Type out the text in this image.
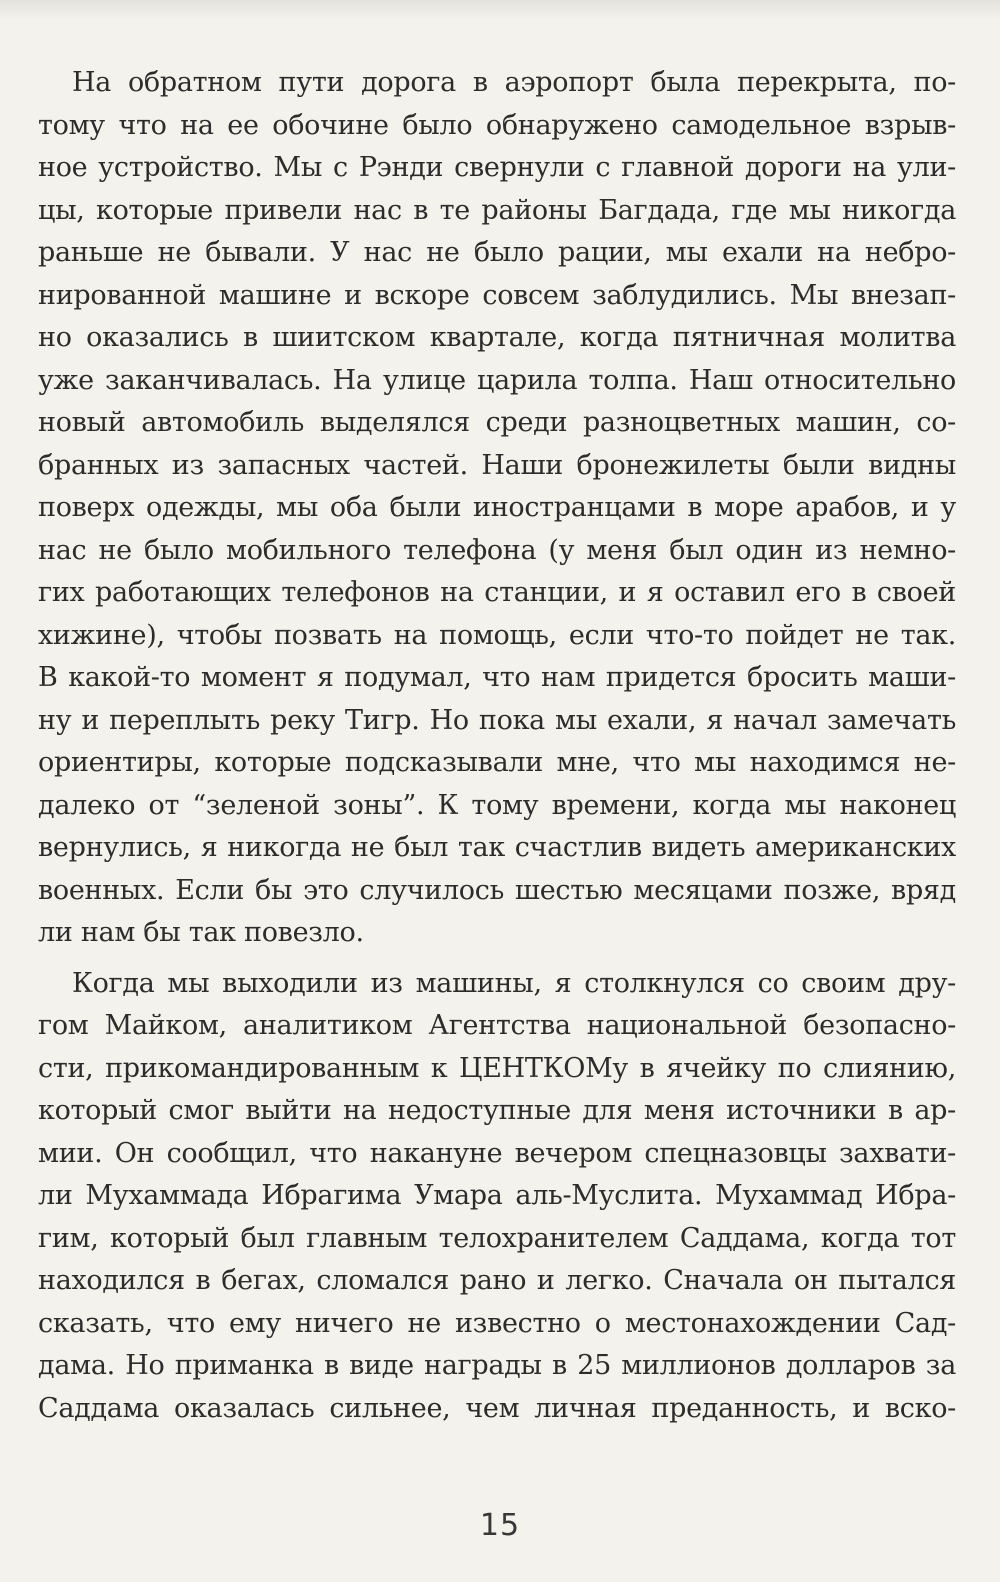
На обратном пути дорога в аэропорт была перекрыта, по-
тому что на ее обочине было обнаружено самодельное взрыв-
ное устройство. Мы с Рэнди свернули с главной дороги на ули-
цы, которые привели нас в те районы Багдада, где мы никогда
раньше не бывали. У нас не было рации, мы ехали на небро-
нированной машине и вскоре совсем заблудились. Мы внезап-
но оказались в шиитском квартале, когда пятничная молитва
уже заканчивалась. На улице царила толпа. Наш относительно
новый автомобиль выделялся среди разноцветных машин, со-
бранных из запасных частей. Наши бронежилеты были видны
поверх одежды, мы оба были иностранцами в море арабов, и у
нас не было мобильного телефона (у меня был один из немно-
гих работающих телефонов на станции, и я оставил его в своей
хижине), чтобы позвать на помощь, если что-то пойдет не так.
В какой-то момент я подумал, что нам придется бросить маши-
ну и переплыть реку Тигр. Но пока мы ехали, я начал замечать
ориентиры, которые подсказывали мне, что мы находимся не-
далеко от “зеленой зоны”. К тому времени, когда мы наконец
вернулись, я никогда не был так счастлив видеть американских
военных. Если бы это случилось шестью месяцами позже, вряд
ли нам бы так повезло.
Когда мы выходили из машины, я столкнулся со своим дру-
гом Майком, аналитиком Агентства национальной безопасно-
сти, прикомандированным к ЦЕНТКОМу в ячейку по слиянию,
который смог выйти на недоступные для меня источники в ар-
мии. Он сообщил, что накануне вечером спецназовцы захвати-
ли Мухаммада Ибрагима Умара аль-Муслита. Мухаммад Ибра-
гим, который был главным телохранителем Саддама, когда тот
находился в бегах, сломался рано и легко. Сначала он пытался
сказать, что ему ничего не известно о местонахождении Сад-
дама. Но приманка в виде награды в 25 миллионов долларов за
Саддама оказалась сильнее, чем личная преданность, и вско-
15
